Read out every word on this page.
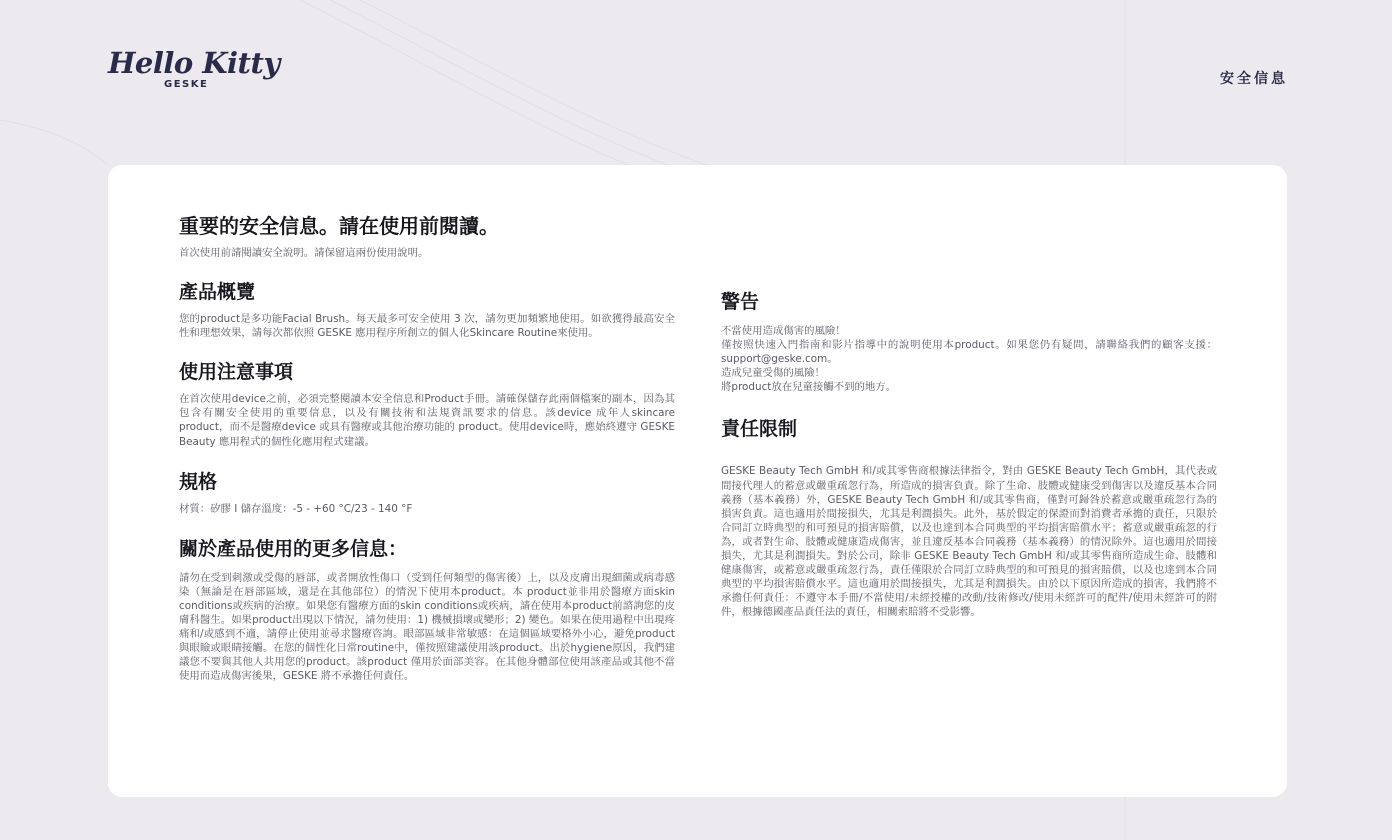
Hello Kitty
GESKE	安全信息
重要的安全信息。請在使用前閱讀。

首次使用前請閱讀安全說明。請保留這兩份使用說明。

產品概覽

您的product是多功能Facial Brush。每天最多可安全使用 3 次，請勿更加頻繁地使用。如欲獲得最高安全性和理想效果，請每次都依照 GESKE 應用程序所創立的個人化Skincare Routine來使用。

使用注意事項

在首次使用device之前，必須完整閱讀本安全信息和Product手冊。請確保儲存此兩個檔案的副本，因為其包含有關安全使用的重要信息，以及有關技術和法規資訊要求的信息。該device 成年人skincare product，而不是醫療device 或具有醫療或其他治療功能的 product。使用device時，應始終遵守 GESKE Beauty 應用程式的個性化應用程式建議。

規格

材質：矽膠 I 儲存溫度：-5 - +60 °C/23 - 140 °F

關於產品使用的更多信息：

請勿在受到刺激或受傷的唇部，或者開放性傷口（受到任何類型的傷害後）上，以及皮膚出現細菌或病毒感染（無論是在唇部區域，還是在其他部位）的情況下使用本product。本 product並非用於醫療方面skin conditions或疾病的治療。如果您有醫療方面的skin conditions或疾病，請在使用本product前諮詢您的皮膚科醫生。如果product出現以下情況，請勿使用：1) 機械損壞或變形；2) 變色。如果在使用過程中出現疼痛和/或感到不適，請停止使用並尋求醫療咨詢。眼部區域非常敏感：在這個區域要格外小心，避免product與眼瞼或眼睛接觸。在您的個性化日常routine中，僅按照建議使用該product。出於hygiene原因，我們建議您不要與其他人共用您的product。該product 僅用於面部美容。在其他身體部位使用該產品或其他不當使用而造成傷害後果，GESKE 將不承擔任何責任。

警告

不當使用造成傷害的風險！
僅按照快速入門指南和影片指導中的說明使用本product。如果您仍有疑問，請聯絡我們的顧客支援：support@geske.com。
造成兒童受傷的風險！
將product放在兒童接觸不到的地方。

責任限制

GESKE Beauty Tech GmbH 和/或其零售商根據法律指令，對由 GESKE Beauty Tech GmbH，其代表或間接代理人的蓄意或嚴重疏忽行為，所造成的損害負責。除了生命、肢體或健康受到傷害以及違反基本合同義務（基本義務）外，GESKE Beauty Tech GmbH 和/或其零售商，僅對可歸咎於蓄意或嚴重疏忽行為的損害負責。這也適用於間接損失，尤其是利潤損失。此外，基於假定的保證而對消費者承擔的責任，只限於合同訂立時典型的和可預見的損害賠償，以及也達到本合同典型的平均損害賠償水平；蓄意或嚴重疏忽的行為，或者對生命、肢體或健康造成傷害，並且違反基本合同義務（基本義務）的情況除外。這也適用於間接損失，尤其是利潤損失。對於公司，除非 GESKE Beauty Tech GmbH 和/或其零售商所造成生命、肢體和健康傷害，或蓄意或嚴重疏忽行為，責任僅限於合同訂立時典型的和可預見的損害賠償，以及也達到本合同典型的平均損害賠償水平。這也適用於間接損失，尤其是利潤損失。由於以下原因所造成的損害，我們將不承擔任何責任：不遵守本手冊/不當使用/未經授權的改動/技術修改/使用未經許可的配件/使用未經許可的附件，根據德國產品責任法的責任，相關索賠將不受影響。
